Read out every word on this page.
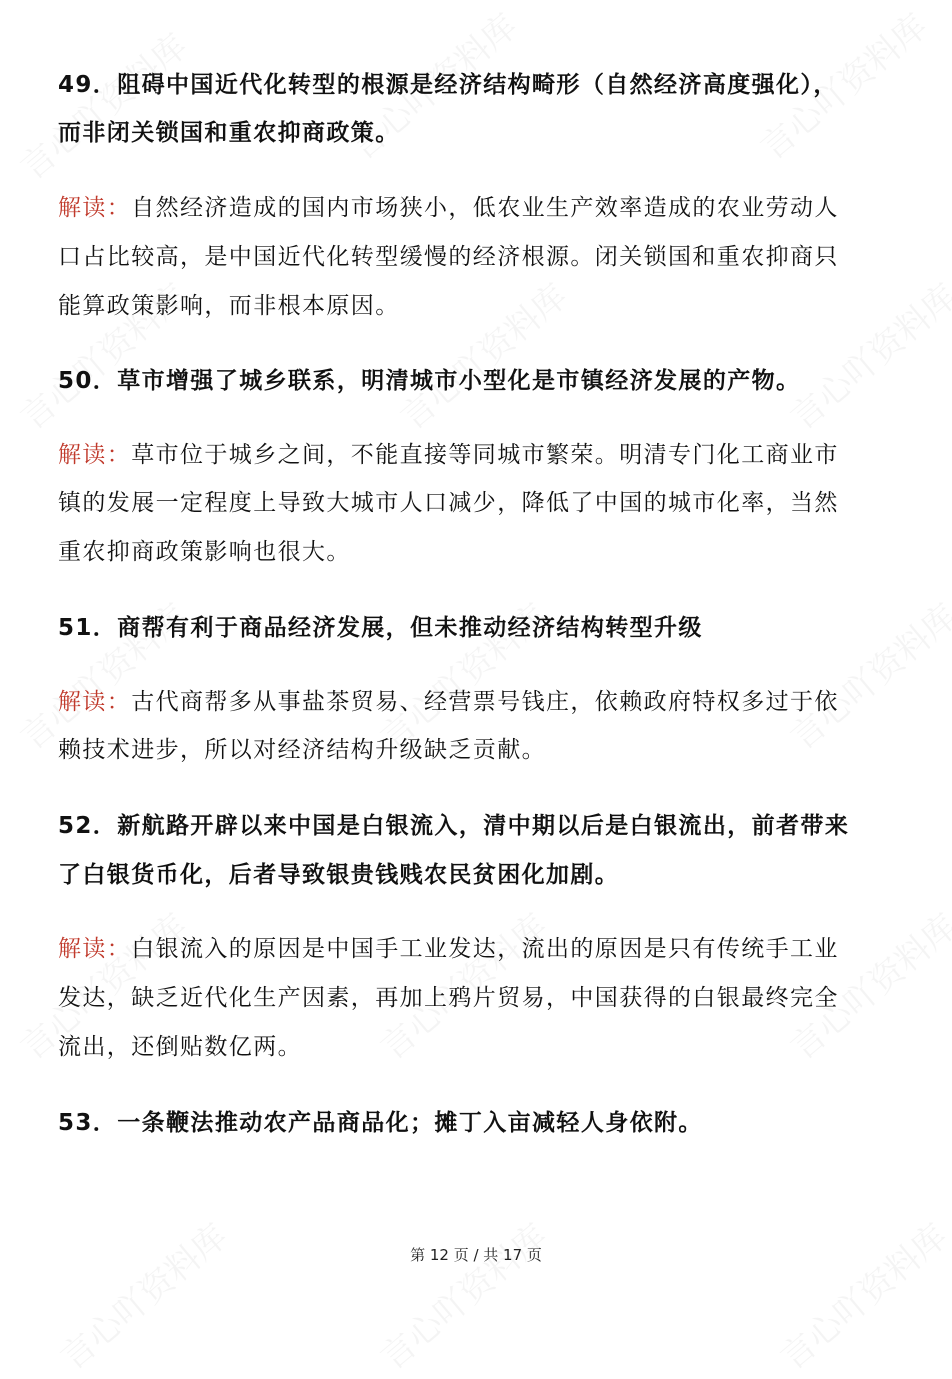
49．阻碍中国近代化转型的根源是经济结构畸形（自然经济高度强化），
而非闭关锁国和重农抑商政策。
解读：自然经济造成的国内市场狭小，低农业生产效率造成的农业劳动人
口占比较高，是中国近代化转型缓慢的经济根源。闭关锁国和重农抑商只
能算政策影响，而非根本原因。
50．草市增强了城乡联系，明清城市小型化是市镇经济发展的产物。
解读：草市位于城乡之间，不能直接等同城市繁荣。明清专门化工商业市
镇的发展一定程度上导致大城市人口减少，降低了中国的城市化率，当然
重农抑商政策影响也很大。
51．商帮有利于商品经济发展，但未推动经济结构转型升级
解读：古代商帮多从事盐茶贸易、经营票号钱庄，依赖政府特权多过于依
赖技术进步，所以对经济结构升级缺乏贡献。
52．新航路开辟以来中国是白银流入，清中期以后是白银流出，前者带来
了白银货币化，后者导致银贵钱贱农民贫困化加剧。
解读：白银流入的原因是中国手工业发达，流出的原因是只有传统手工业
发达，缺乏近代化生产因素，再加上鸦片贸易，中国获得的白银最终完全
流出，还倒贴数亿两。
53．一条鞭法推动农产品商品化；摊丁入亩减轻人身依附。
第 12 页 / 共 17 页
